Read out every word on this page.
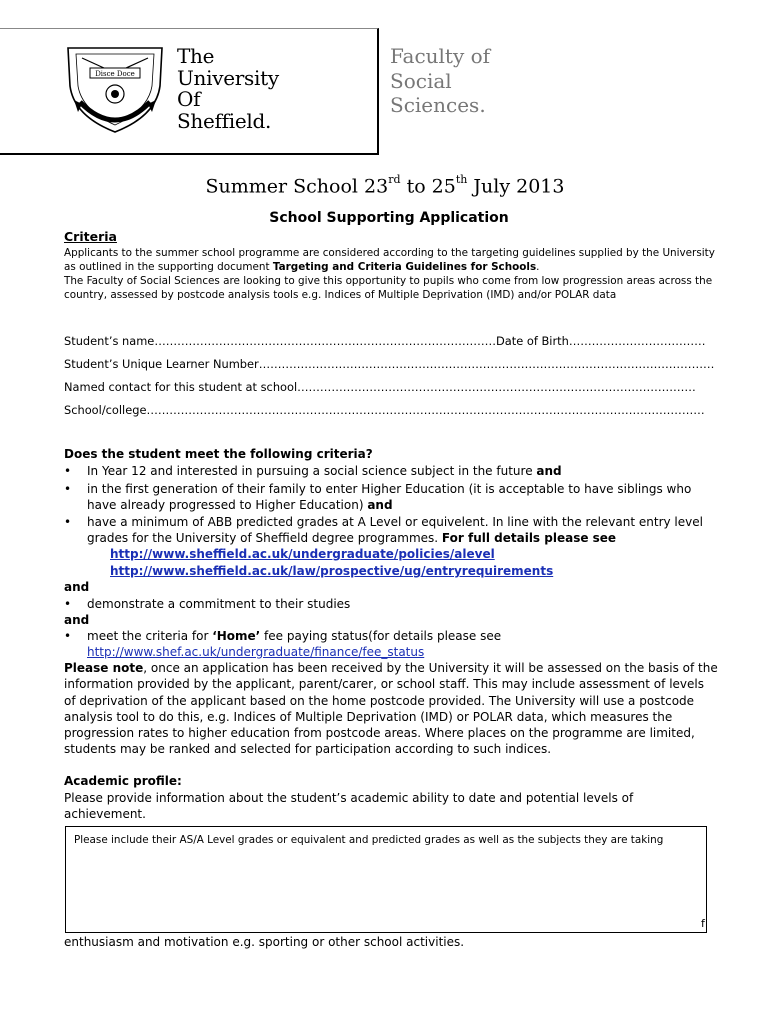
Disce Doce
The
University
Of
Sheffield.
Faculty of
Social
Sciences.
Summer School 23rd to 25th July 2013
School Supporting Application
Criteria
Applicants to the summer school programme are considered according to the targeting guidelines supplied by the University as outlined in the supporting document Targeting and Criteria Guidelines for Schools.
The Faculty of Social Sciences are looking to give this opportunity to pupils who come from low progression areas across the country, assessed by postcode analysis tools e.g. Indices of Multiple Deprivation (IMD) and/or POLAR data
Student’s name………………………………………………………………………………Date of Birth………………………………
Student’s Unique Learner Number…………………………………………………………………………………………………………
Named contact for this student at school……………………………………………………………………………………………
School/college…………………………………………………………………………………………………………………………………
Does the student meet the following criteria?
• In Year 12 and interested in pursuing a social science subject in the future and
• in the first generation of their family to enter Higher Education (it is acceptable to have siblings who have already progressed to Higher Education) and
• have a minimum of ABB predicted grades at A Level or equivelent. In line with the relevant entry level grades for the University of Sheffield degree programmes. For full details please see
http://www.sheffield.ac.uk/undergraduate/policies/alevel
http://www.sheffield.ac.uk/law/prospective/ug/entryrequirements
and
• demonstrate a commitment to their studies
and
• meet the criteria for ‘Home’ fee paying status(for details please see
http://www.shef.ac.uk/undergraduate/finance/fee_status
Please note, once an application has been received by the University it will be assessed on the basis of the information provided by the applicant, parent/carer, or school staff. This may include assessment of levels of deprivation of the applicant based on the home postcode provided. The University will use a postcode analysis tool to do this, e.g. Indices of Multiple Deprivation (IMD) or POLAR data, which measures the progression rates to higher education from postcode areas. Where places on the programme are limited, students may be ranked and selected for participation according to such indices.
Academic profile:
Please provide information about the student’s academic ability to date and potential levels of achievement.
Please include their AS/A Level grades or equivalent and predicted grades as well as the subjects they are taking
f
enthusiasm and motivation e.g. sporting or other school activities.
